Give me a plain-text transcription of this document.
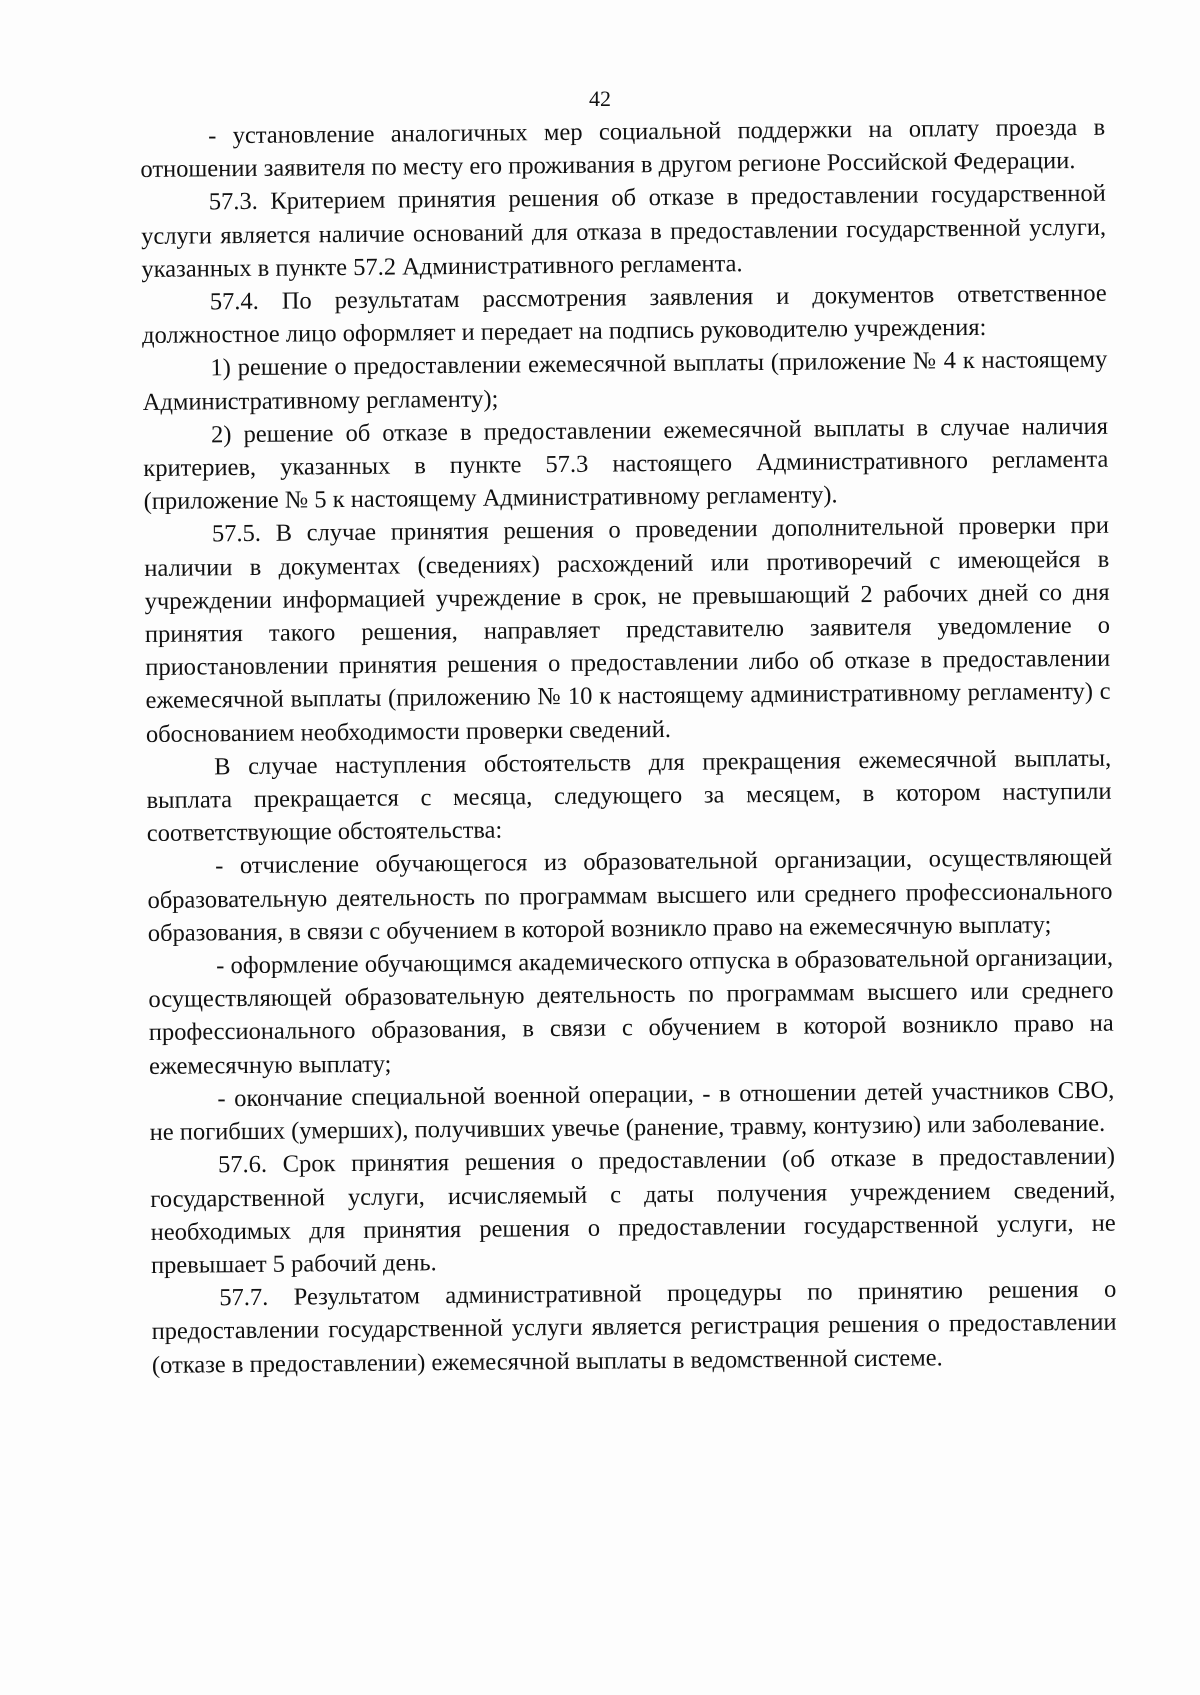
42

- установление аналогичных мер социальной поддержки на оплату проезда в отношении заявителя по месту его проживания в другом регионе Российской Федерации.

57.3. Критерием принятия решения об отказе в предоставлении государственной услуги является наличие оснований для отказа в предоставлении государственной услуги, указанных в пункте 57.2 Административного регламента.

57.4. По результатам рассмотрения заявления и документов ответственное должностное лицо оформляет и передает на подпись руководителю учреждения:

1) решение о предоставлении ежемесячной выплаты (приложение № 4 к настоящему Административному регламенту);

2) решение об отказе в предоставлении ежемесячной выплаты в случае наличия критериев, указанных в пункте 57.3 настоящего Административного регламента (приложение № 5 к настоящему Административному регламенту).

57.5. В случае принятия решения о проведении дополнительной проверки при наличии в документах (сведениях) расхождений или противоречий с имеющейся в учреждении информацией учреждение в срок, не превышающий 2 рабочих дней со дня принятия такого решения, направляет представителю заявителя уведомление о приостановлении принятия решения о предоставлении либо об отказе в предоставлении ежемесячной выплаты (приложению № 10 к настоящему административному регламенту) с обоснованием необходимости проверки сведений.

В случае наступления обстоятельств для прекращения ежемесячной выплаты, выплата прекращается с месяца, следующего за месяцем, в котором наступили соответствующие обстоятельства:

- отчисление обучающегося из образовательной организации, осуществляющей образовательную деятельность по программам высшего или среднего профессионального образования, в связи с обучением в которой возникло право на ежемесячную выплату;

- оформление обучающимся академического отпуска в образовательной организации, осуществляющей образовательную деятельность по программам высшего или среднего профессионального образования, в связи с обучением в которой возникло право на ежемесячную выплату;

- окончание специальной военной операции, - в отношении детей участников СВО, не погибших (умерших), получивших увечье (ранение, травму, контузию) или заболевание.

57.6. Срок принятия решения о предоставлении (об отказе в предоставлении) государственной услуги, исчисляемый с даты получения учреждением сведений, необходимых для принятия решения о предоставлении государственной услуги, не превышает 5 рабочий день.

57.7. Результатом административной процедуры по принятию решения о предоставлении государственной услуги является регистрация решения о предоставлении (отказе в предоставлении) ежемесячной выплаты в ведомственной системе.
